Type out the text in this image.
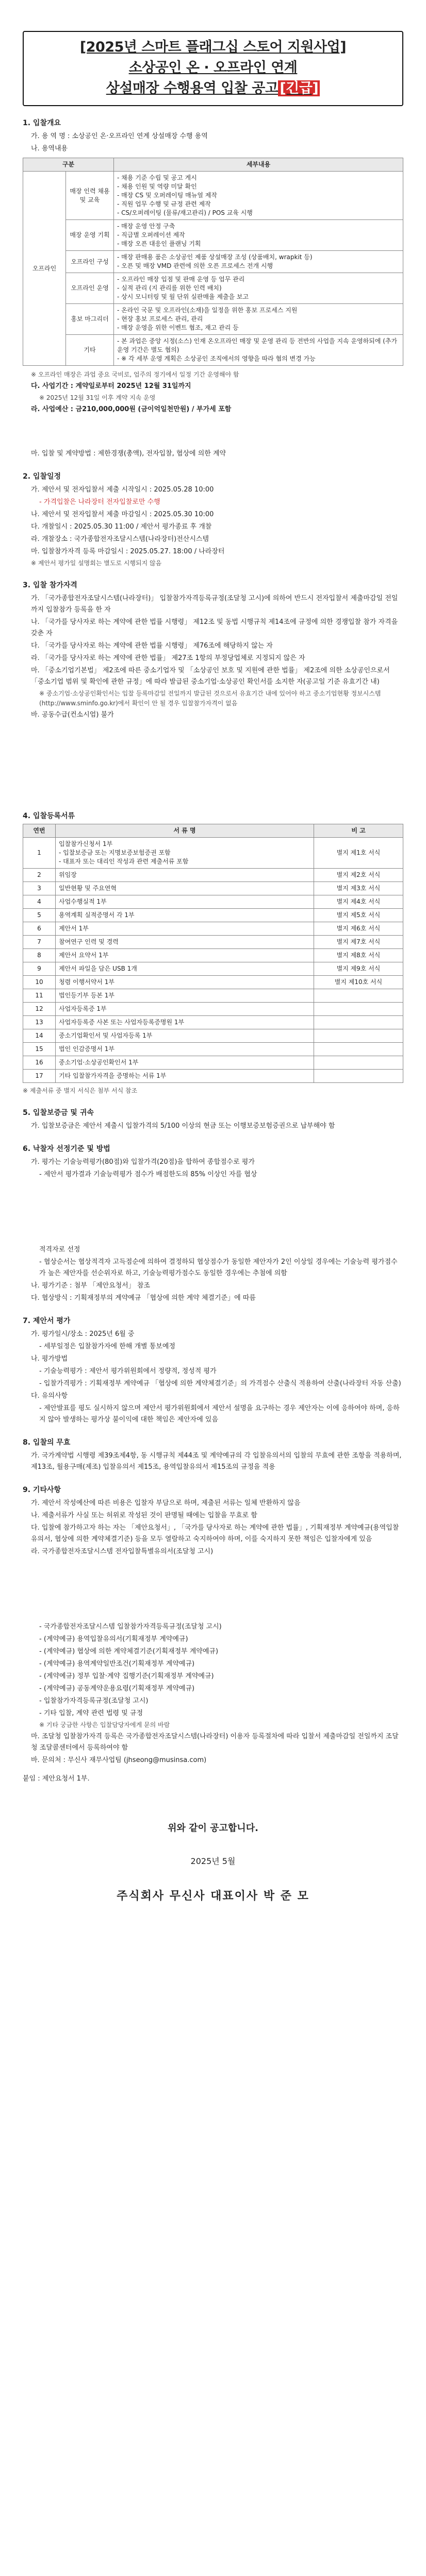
[2025년 스마트 플래그십 스토어 지원사업]
소상공인 온 · 오프라인 연계
상설매장 수행용역 입찰 공고 [긴급]
1. 입찰개요
가. 용 역 명 : 소상공인 온·오프라인 연계 상설매장 수행 용역
나. 용역내용
구분		세부내용
오프라인	매장 인력 채용 및 교육	- 채용 기준 수립 및 공고 게시
- 채용 인원 및 역량 미달 확인
- 매장 CS 및 오퍼레이팅 매뉴얼 제작
- 직원 업무 수행 및 규정 관련 제작
- CS/오퍼레이팅 (물류/재고관리) / POS 교육 시행
	매장 운영 기획	- 매장 운영 안정 구축
- 직급별 오퍼레이션 제작
- 매장 오픈 대응인 플랜닝 기획
	오프라인 구성	- 매장 판매용 품은 소상공인 제품 상설매장 조성 (상품배치, wrapkit 등)
- 오픈 및 매장 VMD 관련에 의한 오픈 프로세스 전개 시행
	오프라인 운영	- 오프라인 매장 입점 및 판매 운영 등 업무 관리
- 실적 관리 (지 관리를 위한 인력 배치)
- 상시 모니터링 및 월 단위 실판매율 제출을 보고
	홍보 마그리더	- 온라인 국문 및 오프라인(소재)을 일정을 위한 홍보 프로세스 지원
- 현장 홍보 프로세스 관리, 관리
- 매장 운영을 위한 이벤트 협조, 재고 관리 등
	기타	- 본 과업은 중앙 시정(소스) 인재 온오프라인 매장 및 운영 관리 등 전반의 사업을 지속 운영하되에 (추가 운영 기간은 별도 협의)
- ※ 각 세부 운영 계획은 소상공인 조직에서의 영향을 따라 협의 변경 가능
※ 오프라인 매장은 과업 중요 국비로, 업주의 정기에서 일정 기간 운영해야 함
다. 사업기간 : 계약일로부터 2025년 12월 31일까지
※ 2025년 12월 31일 이후 계약 지속 운영
라. 사업예산 : 금210,000,000원 (금이억일천만원) / 부가세 포함
마. 입찰 및 계약방법 : 제한경쟁(총액), 전자입찰, 협상에 의한 계약
2. 입찰일정
가. 제안서 및 전자입찰서 제출 시작일시 : 2025.05.28 10:00
- 가격입찰은 나라장터 전자입찰로만 수행
나. 제안서 및 전자입찰서 제출 마감일시 : 2025.05.30 10:00
다. 개찰일시 : 2025.05.30 11:00 / 제안서 평가종료 후 개찰
라. 개찰장소 : 국가종합전자조달시스템(나라장터)전산시스템
마. 입찰참가자격 등록 마감일시 : 2025.05.27. 18:00 / 나라장터
※ 제안서 평가일 설명회는 별도로 시행되지 않음
3. 입찰 참가자격
가. 「국가종합전자조달시스템(나라장터)」 입찰참가자격등록규정(조달청 고시)에 의하여 반드시 전자입찰서 제출마감일 전일까지 입찰참가 등록을 한 자
나. 「국가를 당사자로 하는 계약에 관한 법률 시행령」 제12조 및 동법 시행규칙 제14조에 규정에 의한 경쟁입찰 참가 자격을 갖춘 자
다. 「국가를 당사자로 하는 계약에 관한 법률 시행령」 제76조에 해당하지 않는 자
라. 「국가를 당사자로 하는 계약에 관한 법률」 제27조 1항의 부정당업체로 지정되지 않은 자
마. 「중소기업기본법」 제2조에 따른 중소기업자 및 「소상공인 보호 및 지원에 관한 법률」 제2조에 의한 소상공인으로서 「중소기업 범위 및 확인에 관한 규정」에 따라 발급된 중소기업·소상공인 확인서를 소지한 자(공고일 기준 유효기간 내)
※ 중소기업·소상공인확인서는 입찰 등록마감일 전일까지 발급된 것으로서 유효기간 내에 있어야 하고 중소기업현황 정보시스템(http://www.sminfo.go.kr)에서 확인이 안 될 경우 입찰참가자격이 없음
바. 공동수급(컨소시엄) 불가
4. 입찰등록서류
연번	서 류 명	비 고
1	입찰참가신청서 1부
- 입찰보증금 또는 지명보증보험증권 포함
- 대표자 또는 대리인 작성과 관련 제출서류 포함	별지 제1호 서식
2	위임장	별지 제2호 서식
3	일반현황 및 주요연혁	별지 제3호 서식
4	사업수행실적 1부	별지 제4호 서식
5	용역계획 실적증명서 각 1부	별지 제5호 서식
6	제안서 1부	별지 제6호 서식
7	참여연구 인력 및 경력	별지 제7호 서식
8	제안서 요약서 1부	별지 제8호 서식
9	제안서 파일을 담은 USB 1개	별지 제9호 서식
10	청렴 이행서약서 1부	별지 제10호 서식
11	법인등기부 등본 1부	
12	사업자등록증 1부	
13	사업자등록증 사본 또는 사업자등록증명원 1부	
14	중소기업확인서 및 사업자등록 1부	
15	법인 인감증명서 1부	
16	중소기업·소상공인확인서 1부	
17	기타 입찰참가자격을 증명하는 서류 1부	
※ 제출서류 중 별지 서식은 첨부 서식 참조
5. 입찰보증금 및 귀속
가. 입찰보증금은 제안서 제출시 입찰가격의 5/100 이상의 현금 또는 이행보증보험증권으로 납부해야 함
6. 낙찰자 선정기준 및 방법
가. 평가는 기술능력평가(80점)와 입찰가격(20점)을 합하여 종합점수로 평가
- 제안서 평가결과 기술능력평가 점수가 배점한도의 85% 이상인 자를 협상
적격자로 선정
- 협상순서는 협상적격자 고득점순에 의하여 결정하되 협상점수가 동일한 제안자가 2인 이상일 경우에는 기술능력 평가점수가 높은 제안자를 선순위자로 하고, 기술능력평가점수도 동일한 경우에는 추첨에 의함
나. 평가기준 : 첨부 「제안요청서」 참조
다. 협상방식 : 기획재정부의 계약예규 「협상에 의한 계약 체결기준」에 따름
7. 제안서 평가
가. 평가일시/장소 : 2025년 6월 중
- 세부일정은 입찰참가자에 한해 개별 통보예정
나. 평가방법
- 기술능력평가 : 제안서 평가위원회에서 정량적, 정성적 평가
- 입찰가격평가 : 기획재정부 계약예규 「협상에 의한 계약체결기준」의 가격점수 산출식 적용하여 산출(나라장터 자동 산출)
다. 유의사항
- 제안발표를 평도 실시하지 않으며 제안서 평가위원회에서 제안서 설명을 요구하는 경우 제안자는 이에 응하여야 하며, 응하지 않아 발생하는 평가상 불이익에 대한 책임은 제안자에 있음
8. 입찰의 무효
가. 국가계약법 시행령 제39조제4항, 동 시행규칙 제44조 및 계약예규의 각 입찰유의서의 입찰의 무효에 관한 조항을 적용하며, 제13조, 월용구매(제조) 입찰유의서 제15조, 용역입찰유의서 제15조의 규정을 적용
9. 기타사항
가. 제안서 작성예산에 따른 비용은 입찰자 부담으로 하며, 제출된 서류는 일체 반환하지 않음
나. 제출서류가 사실 또는 허위로 작성된 것이 판명될 때에는 입찰을 무효로 함
다. 입찰에 참가하고자 하는 자는 「제안요청서」, 「국가를 당사자로 하는 계약에 관한 법률」, 기획재정부 계약예규(용역입찰유의서, 협상에 의한 계약체결기준) 등을 모두 열람하고 숙지하여야 하며, 이를 숙지하지 못한 책임은 입찰자에게 있음
라. 국가종합전자조달시스템 전자입찰특별유의서(조달청 고시)
- 국가종합전자조달시스템 입찰참가자격등록규정(조달청 고시)
- (계약예규) 용역입찰유의서(기획재정부 계약예규)
- (계약예규) 협상에 의한 계약체결기준(기획재정부 계약예규)
- (계약예규) 용역계약일반조건(기획재정부 계약예규)
- (계약예규) 정부 입찰·계약 집행기준(기획재정부 계약예규)
- (계약예규) 공동계약운용요령(기획재정부 계약예규)
- 입찰참가자격등록규정(조달청 고시)
- 기타 입찰, 계약 관련 법령 및 규정
※ 기타 궁금한 사항은 입찰담당자에게 문의 바람
마. 조달청 입찰참가자격 등록은 국가종합전자조달시스템(나라장터) 이용자 등록절차에 따라 입찰서 제출마감일 전일까지 조달청 조달콜센터에서 등록하여야 함
바. 문의처 : 무신사 재무사업팀 (jhseong@musinsa.com)
붙임 : 제안요청서 1부.
위와 같이 공고합니다.
2025년 5월
주식회사 무신사 대표이사 박 준 모
